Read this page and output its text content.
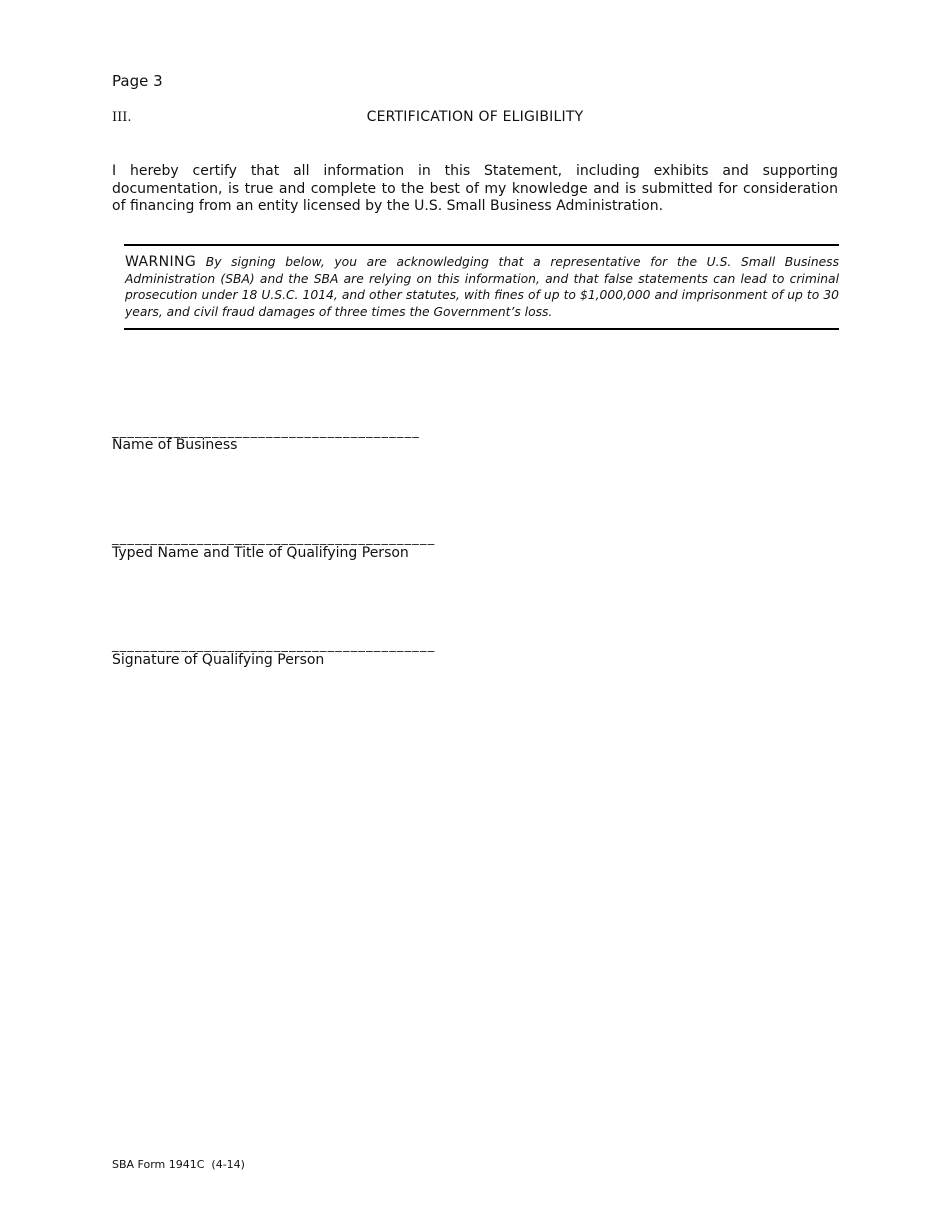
Page 3
III.	CERTIFICATION OF ELIGIBILITY
I hereby certify that all information in this Statement, including exhibits and supporting documentation, is true and complete to the best of my knowledge and is submitted for consideration of financing from an entity licensed by the U.S. Small Business Administration.
WARNING By signing below, you are acknowledging that a representative for the U.S. Small Business Administration (SBA) and the SBA are relying on this information, and that false statements can lead to criminal prosecution under 18 U.S.C. 1014, and other statutes, with fines of up to $1,000,000 and imprisonment of up to 30 years, and civil fraud damages of three times the Government’s loss.
________________________________________
Name of Business
__________________________________________
Typed Name and Title of Qualifying Person
__________________________________________
Signature of Qualifying Person
SBA Form 1941C  (4-14)
